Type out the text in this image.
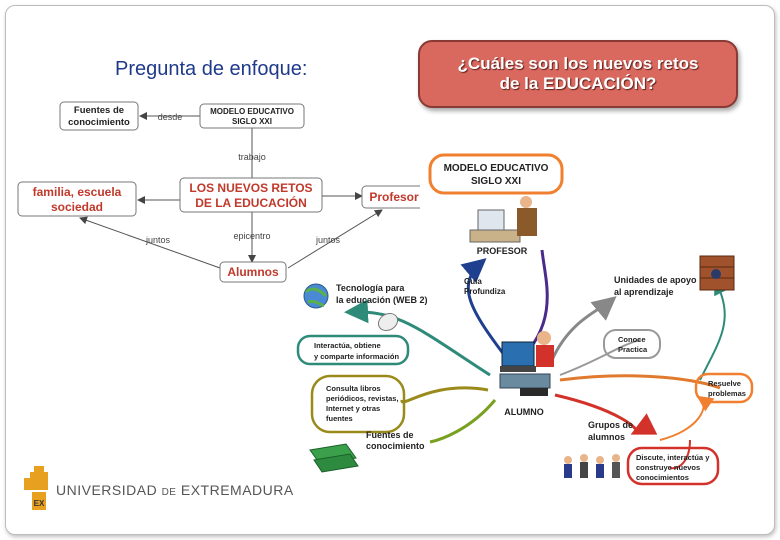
Pregunta de enfoque:	¿Cuáles son los nuevos retos
de la EDUCACIÓN?
Fuentes de
conocimiento
MODELO EDUCATIVO
SIGLO XXI
familia, escuela
sociedad
LOS NUEVOS RETOS
DE LA EDUCACIÓN	Profesor
Alumnos
desde
trabajo
epicentro
juntos	juntos
MODELO EDUCATIVO
SIGLO XXI
PROFESOR
Guía
Profundiza
Tecnología para
la educación (WEB 2)
Interactúa, obtiene
y comparte información
Consulta libros
periódicos, revistas,
Internet y otras
fuentes
Fuentes de
conocimiento
ALUMNO
Unidades de apoyo
al aprendizaje
Conoce
Practica
Resuelve
problemas
Grupos de
alumnos
Discute, interactúa y
construye nuevos
conocimientos
EX
UNIVERSIDAD DE EXTREMADURA
